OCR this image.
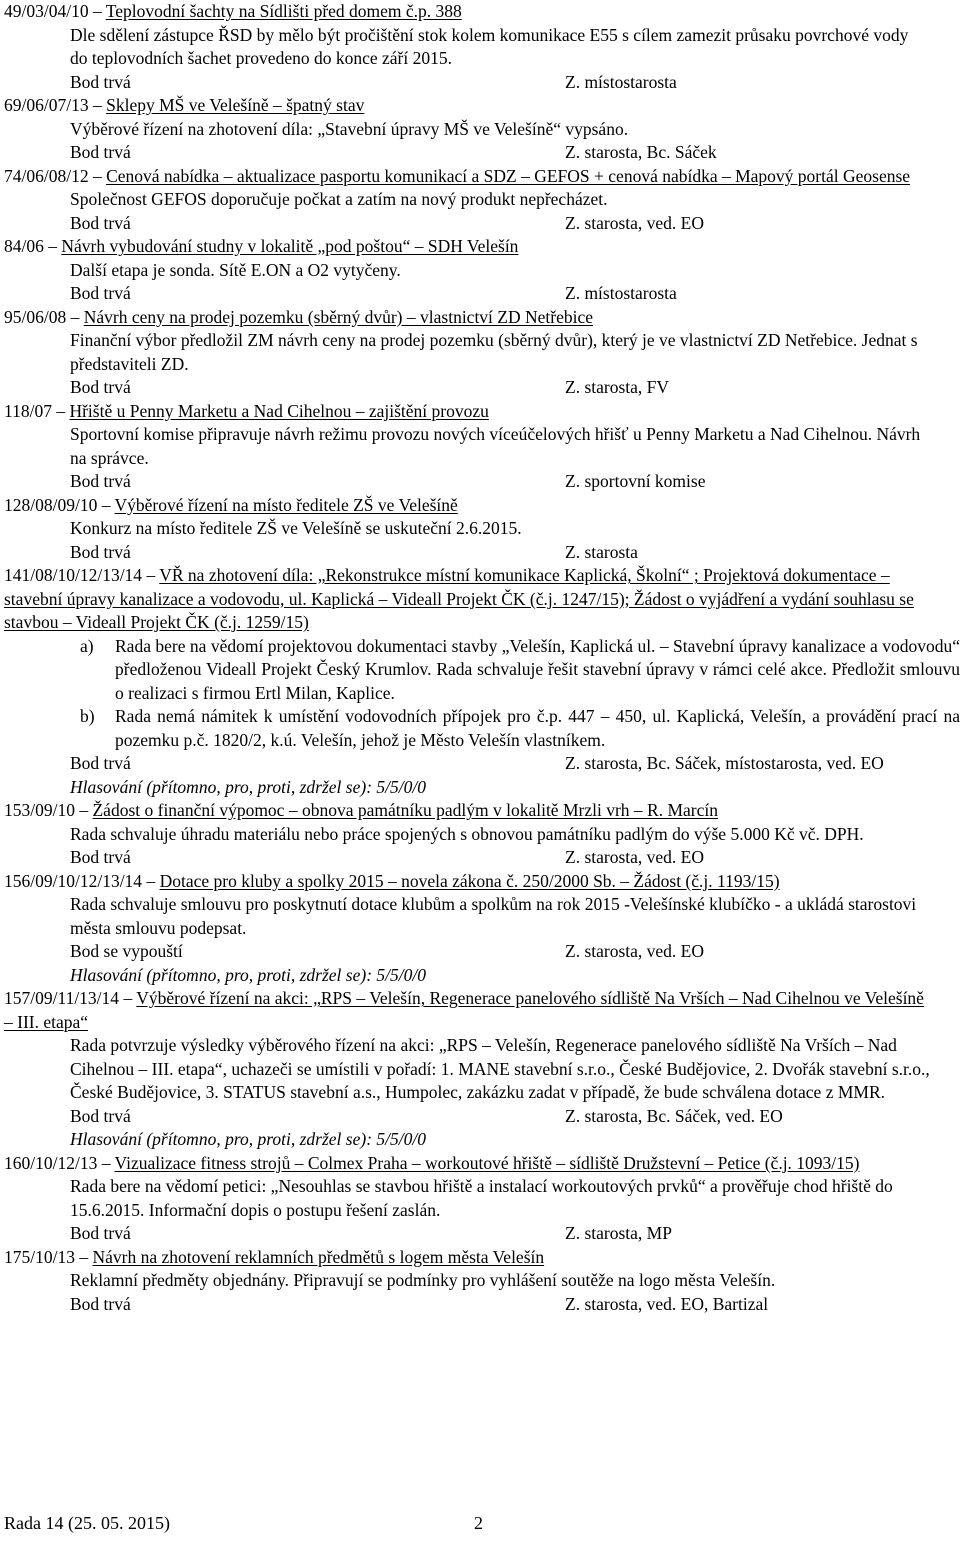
49/03/04/10 – Teplovodní šachty na Sídlišti před domem č.p. 388
Dle sdělení zástupce ŘSD by mělo být pročištění stok kolem komunikace E55 s cílem zamezit průsaku povrchové vody do teplovodních šachet provedeno do konce září 2015.
Bod trvá	Z. místostarosta
69/06/07/13 – Sklepy MŠ ve Velešíně – špatný stav
Výběrové řízení na zhotovení díla: „Stavební úpravy MŠ ve Velešíně“ vypsáno.
Bod trvá	Z. starosta, Bc. Sáček
74/06/08/12 – Cenová nabídka – aktualizace pasportu komunikací a SDZ – GEFOS + cenová nabídka – Mapový portál Geosense
Společnost GEFOS doporučuje počkat a zatím na nový produkt nepřecházet.
Bod trvá	Z. starosta, ved. EO
84/06 – Návrh vybudování studny v lokalitě „pod poštou“ – SDH Velešín
Další etapa je sonda. Sítě E.ON a O2 vytyčeny.
Bod trvá	Z. místostarosta
95/06/08 – Návrh ceny na prodej pozemku (sběrný dvůr) – vlastnictví ZD Netřebice
Finanční výbor předložil ZM návrh ceny na prodej pozemku (sběrný dvůr), který je ve vlastnictví ZD Netřebice. Jednat s představiteli ZD.
Bod trvá	Z. starosta, FV
118/07 – Hřiště u Penny Marketu a Nad Cihelnou – zajištění provozu
Sportovní komise připravuje návrh režimu provozu nových víceúčelových hřišť u Penny Marketu a Nad Cihelnou. Návrh na správce.
Bod trvá	Z. sportovní komise
128/08/09/10 – Výběrové řízení na místo ředitele ZŠ ve Velešíně
Konkurz na místo ředitele ZŠ ve Velešíně se uskuteční 2.6.2015.
Bod trvá	Z. starosta
141/08/10/12/13/14 – VŘ na zhotovení díla: „Rekonstrukce místní komunikace Kaplická, Školní“ ; Projektová dokumentace – stavební úpravy kanalizace a vodovodu, ul. Kaplická – Videall Projekt ČK (č.j. 1247/15); Žádost o vyjádření a vydání souhlasu se stavbou – Videall Projekt ČK (č.j. 1259/15)
a)	Rada bere na vědomí projektovou dokumentaci stavby „Velešín, Kaplická ul. – Stavební úpravy kanalizace a vodovodu“ předloženou Videall Projekt Český Krumlov. Rada schvaluje řešit stavební úpravy v rámci celé akce. Předložit smlouvu o realizaci s firmou Ertl Milan, Kaplice.
b)	Rada nemá námitek k umístění vodovodních přípojek pro č.p. 447 – 450, ul. Kaplická, Velešín, a provádění prací na pozemku p.č. 1820/2, k.ú. Velešín, jehož je Město Velešín vlastníkem.
Bod trvá	Z. starosta, Bc. Sáček, místostarosta, ved. EO
Hlasování (přítomno, pro, proti, zdržel se): 5/5/0/0
153/09/10 – Žádost o finanční výpomoc – obnova památníku padlým v lokalitě Mrzli vrh – R. Marcín
Rada schvaluje úhradu materiálu nebo práce spojených s obnovou památníku padlým do výše 5.000 Kč vč. DPH.
Bod trvá	Z. starosta, ved. EO
156/09/10/12/13/14 – Dotace pro kluby a spolky 2015 – novela zákona č. 250/2000 Sb. – Žádost (č.j. 1193/15)
Rada schvaluje smlouvu pro poskytnutí dotace klubům a spolkům na rok 2015 -Velešínské klubíčko - a ukládá starostovi města smlouvu podepsat.
Bod se vypouští	Z. starosta, ved. EO
Hlasování (přítomno, pro, proti, zdržel se): 5/5/0/0
157/09/11/13/14 – Výběrové řízení na akci: „RPS – Velešín, Regenerace panelového sídliště Na Vrších – Nad Cihelnou ve Velešíně – III. etapa“
Rada potvrzuje výsledky výběrového řízení na akci: „RPS – Velešín, Regenerace panelového sídliště Na Vrších – Nad Cihelnou – III. etapa“, uchazeči se umístili v pořadí: 1. MANE stavební s.r.o., České Budějovice, 2. Dvořák stavební s.r.o., České Budějovice, 3. STATUS stavební a.s., Humpolec, zakázku zadat v případě, že bude schválena dotace z MMR.
Bod trvá	Z. starosta, Bc. Sáček, ved. EO
Hlasování (přítomno, pro, proti, zdržel se): 5/5/0/0
160/10/12/13 – Vizualizace fitness strojů – Colmex Praha – workoutové hřiště – sídliště Družstevní – Petice (č.j. 1093/15)
Rada bere na vědomí petici: „Nesouhlas se stavbou hřiště a instalací workoutových prvků“ a prověřuje chod hřiště do 15.6.2015. Informační dopis o postupu řešení zaslán.
Bod trvá	Z. starosta, MP
175/10/13 – Návrh na zhotovení reklamních předmětů s logem města Velešín
Reklamní předměty objednány. Připravují se podmínky pro vyhlášení soutěže na logo města Velešín.
Bod trvá	Z. starosta, ved. EO, Bartizal
Rada 14 (25. 05. 2015)	2
